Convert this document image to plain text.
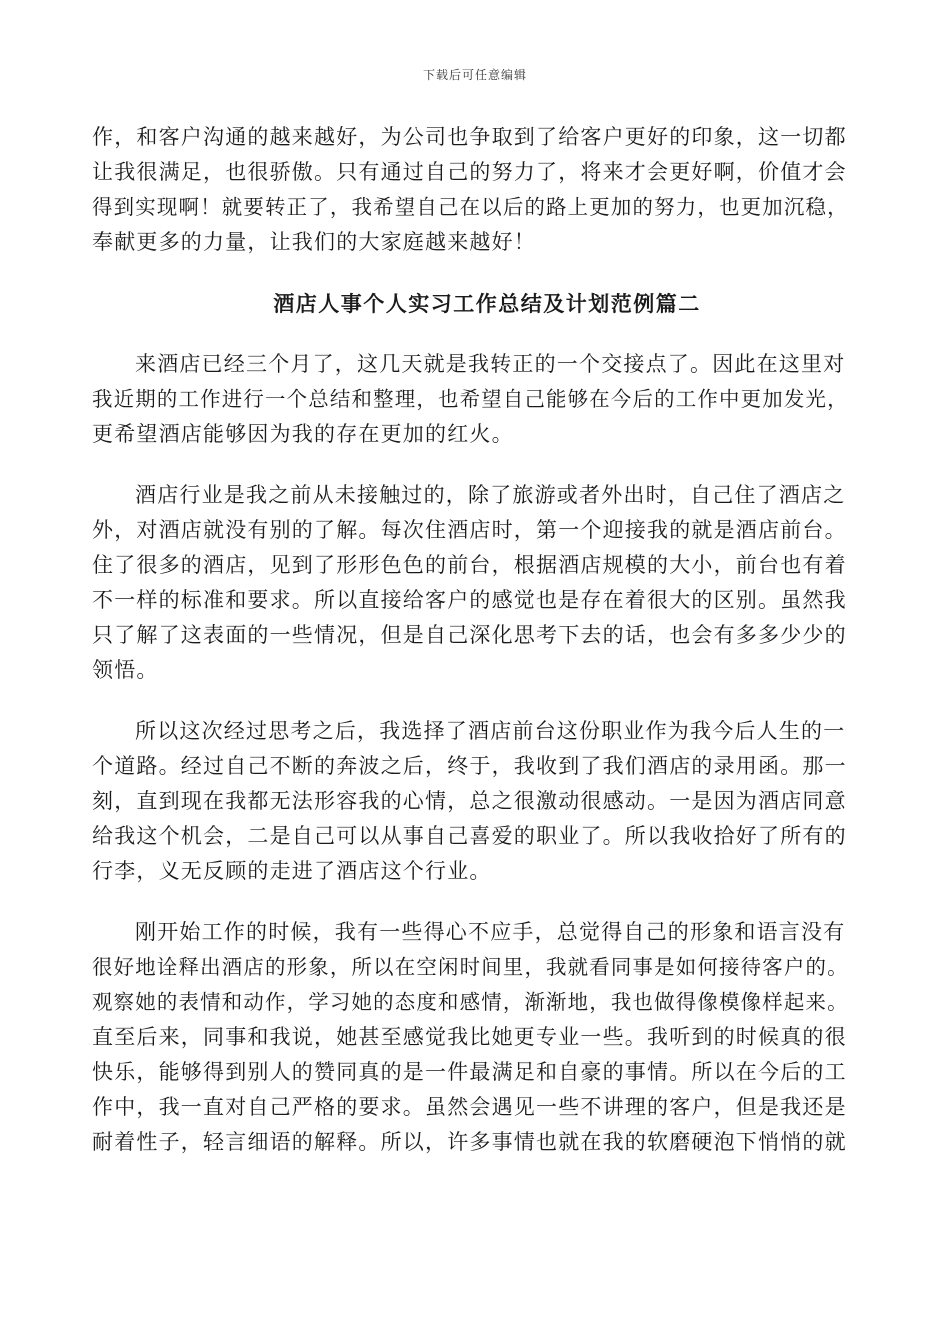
下载后可任意编辑

作，和客户沟通的越来越好，为公司也争取到了给客户更好的印象，这一切都
让我很满足，也很骄傲。只有通过自己的努力了，将来才会更好啊，价值才会
得到实现啊！就要转正了，我希望自己在以后的路上更加的努力，也更加沉稳，
奉献更多的力量，让我们的大家庭越来越好！

酒店人事个人实习工作总结及计划范例篇二

来酒店已经三个月了，这几天就是我转正的一个交接点了。因此在这里对
我近期的工作进行一个总结和整理，也希望自己能够在今后的工作中更加发光，
更希望酒店能够因为我的存在更加的红火。

酒店行业是我之前从未接触过的，除了旅游或者外出时，自己住了酒店之
外，对酒店就没有别的了解。每次住酒店时，第一个迎接我的就是酒店前台。
住了很多的酒店，见到了形形色色的前台，根据酒店规模的大小，前台也有着
不一样的标准和要求。所以直接给客户的感觉也是存在着很大的区别。虽然我
只了解了这表面的一些情况，但是自己深化思考下去的话，也会有多多少少的
领悟。

所以这次经过思考之后，我选择了酒店前台这份职业作为我今后人生的一
个道路。经过自己不断的奔波之后，终于，我收到了我们酒店的录用函。那一
刻，直到现在我都无法形容我的心情，总之很激动很感动。一是因为酒店同意
给我这个机会，二是自己可以从事自己喜爱的职业了。所以我收拾好了所有的
行李，义无反顾的走进了酒店这个行业。

刚开始工作的时候，我有一些得心不应手，总觉得自己的形象和语言没有
很好地诠释出酒店的形象，所以在空闲时间里，我就看同事是如何接待客户的。
观察她的表情和动作，学习她的态度和感情，渐渐地，我也做得像模像样起来。
直至后来，同事和我说，她甚至感觉我比她更专业一些。我听到的时候真的很
快乐，能够得到别人的赞同真的是一件最满足和自豪的事情。所以在今后的工
作中，我一直对自己严格的要求。虽然会遇见一些不讲理的客户，但是我还是
耐着性子，轻言细语的解释。所以，许多事情也就在我的软磨硬泡下悄悄的就
